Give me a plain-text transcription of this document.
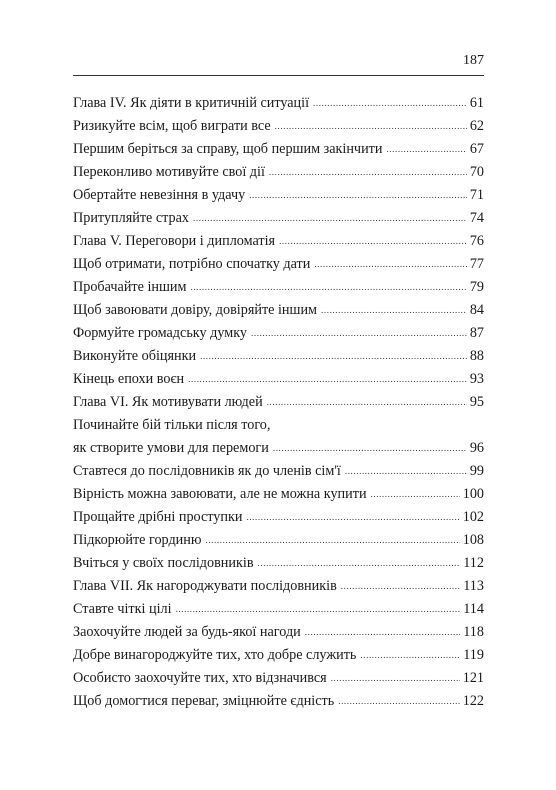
187
Глава IV. Як діяти в критичній ситуації .....	61
Ризикуйте всім, щоб виграти все .....	62
Першим беріться за справу, щоб першим закінчити .....	67
Переконливо мотивуйте свої дії .....	70
Обертайте невезіння в удачу .....	71
Притупляйте страх .....	74
Глава V. Переговори і дипломатія .....	76
Щоб отримати, потрібно спочатку дати .....	77
Пробачайте іншим .....	79
Щоб завоювати довіру, довіряйте іншим .....	84
Формуйте громадську думку .....	87
Виконуйте обіцянки .....	88
Кінець епохи воєн .....	93
Глава VI. Як мотивувати людей .....	95
Починайте бій тільки після того,
як створите умови для перемоги .....	96
Ставтеся до послідовників як до членів сім'ї .....	99
Вірність можна завоювати, але не можна купити .....	100
Прощайте дрібні проступки .....	102
Підкорюйте гординю .....	108
Вчіться у своїх послідовників .....	112
Глава VII. Як нагороджувати послідовників .....	113
Ставте чіткі цілі .....	114
Заохочуйте людей за будь-якої нагоди .....	118
Добре винагороджуйте тих, хто добре служить .....	119
Особисто заохочуйте тих, хто відзначився .....	121
Щоб домогтися переваг, зміцнюйте єдність .....	122
